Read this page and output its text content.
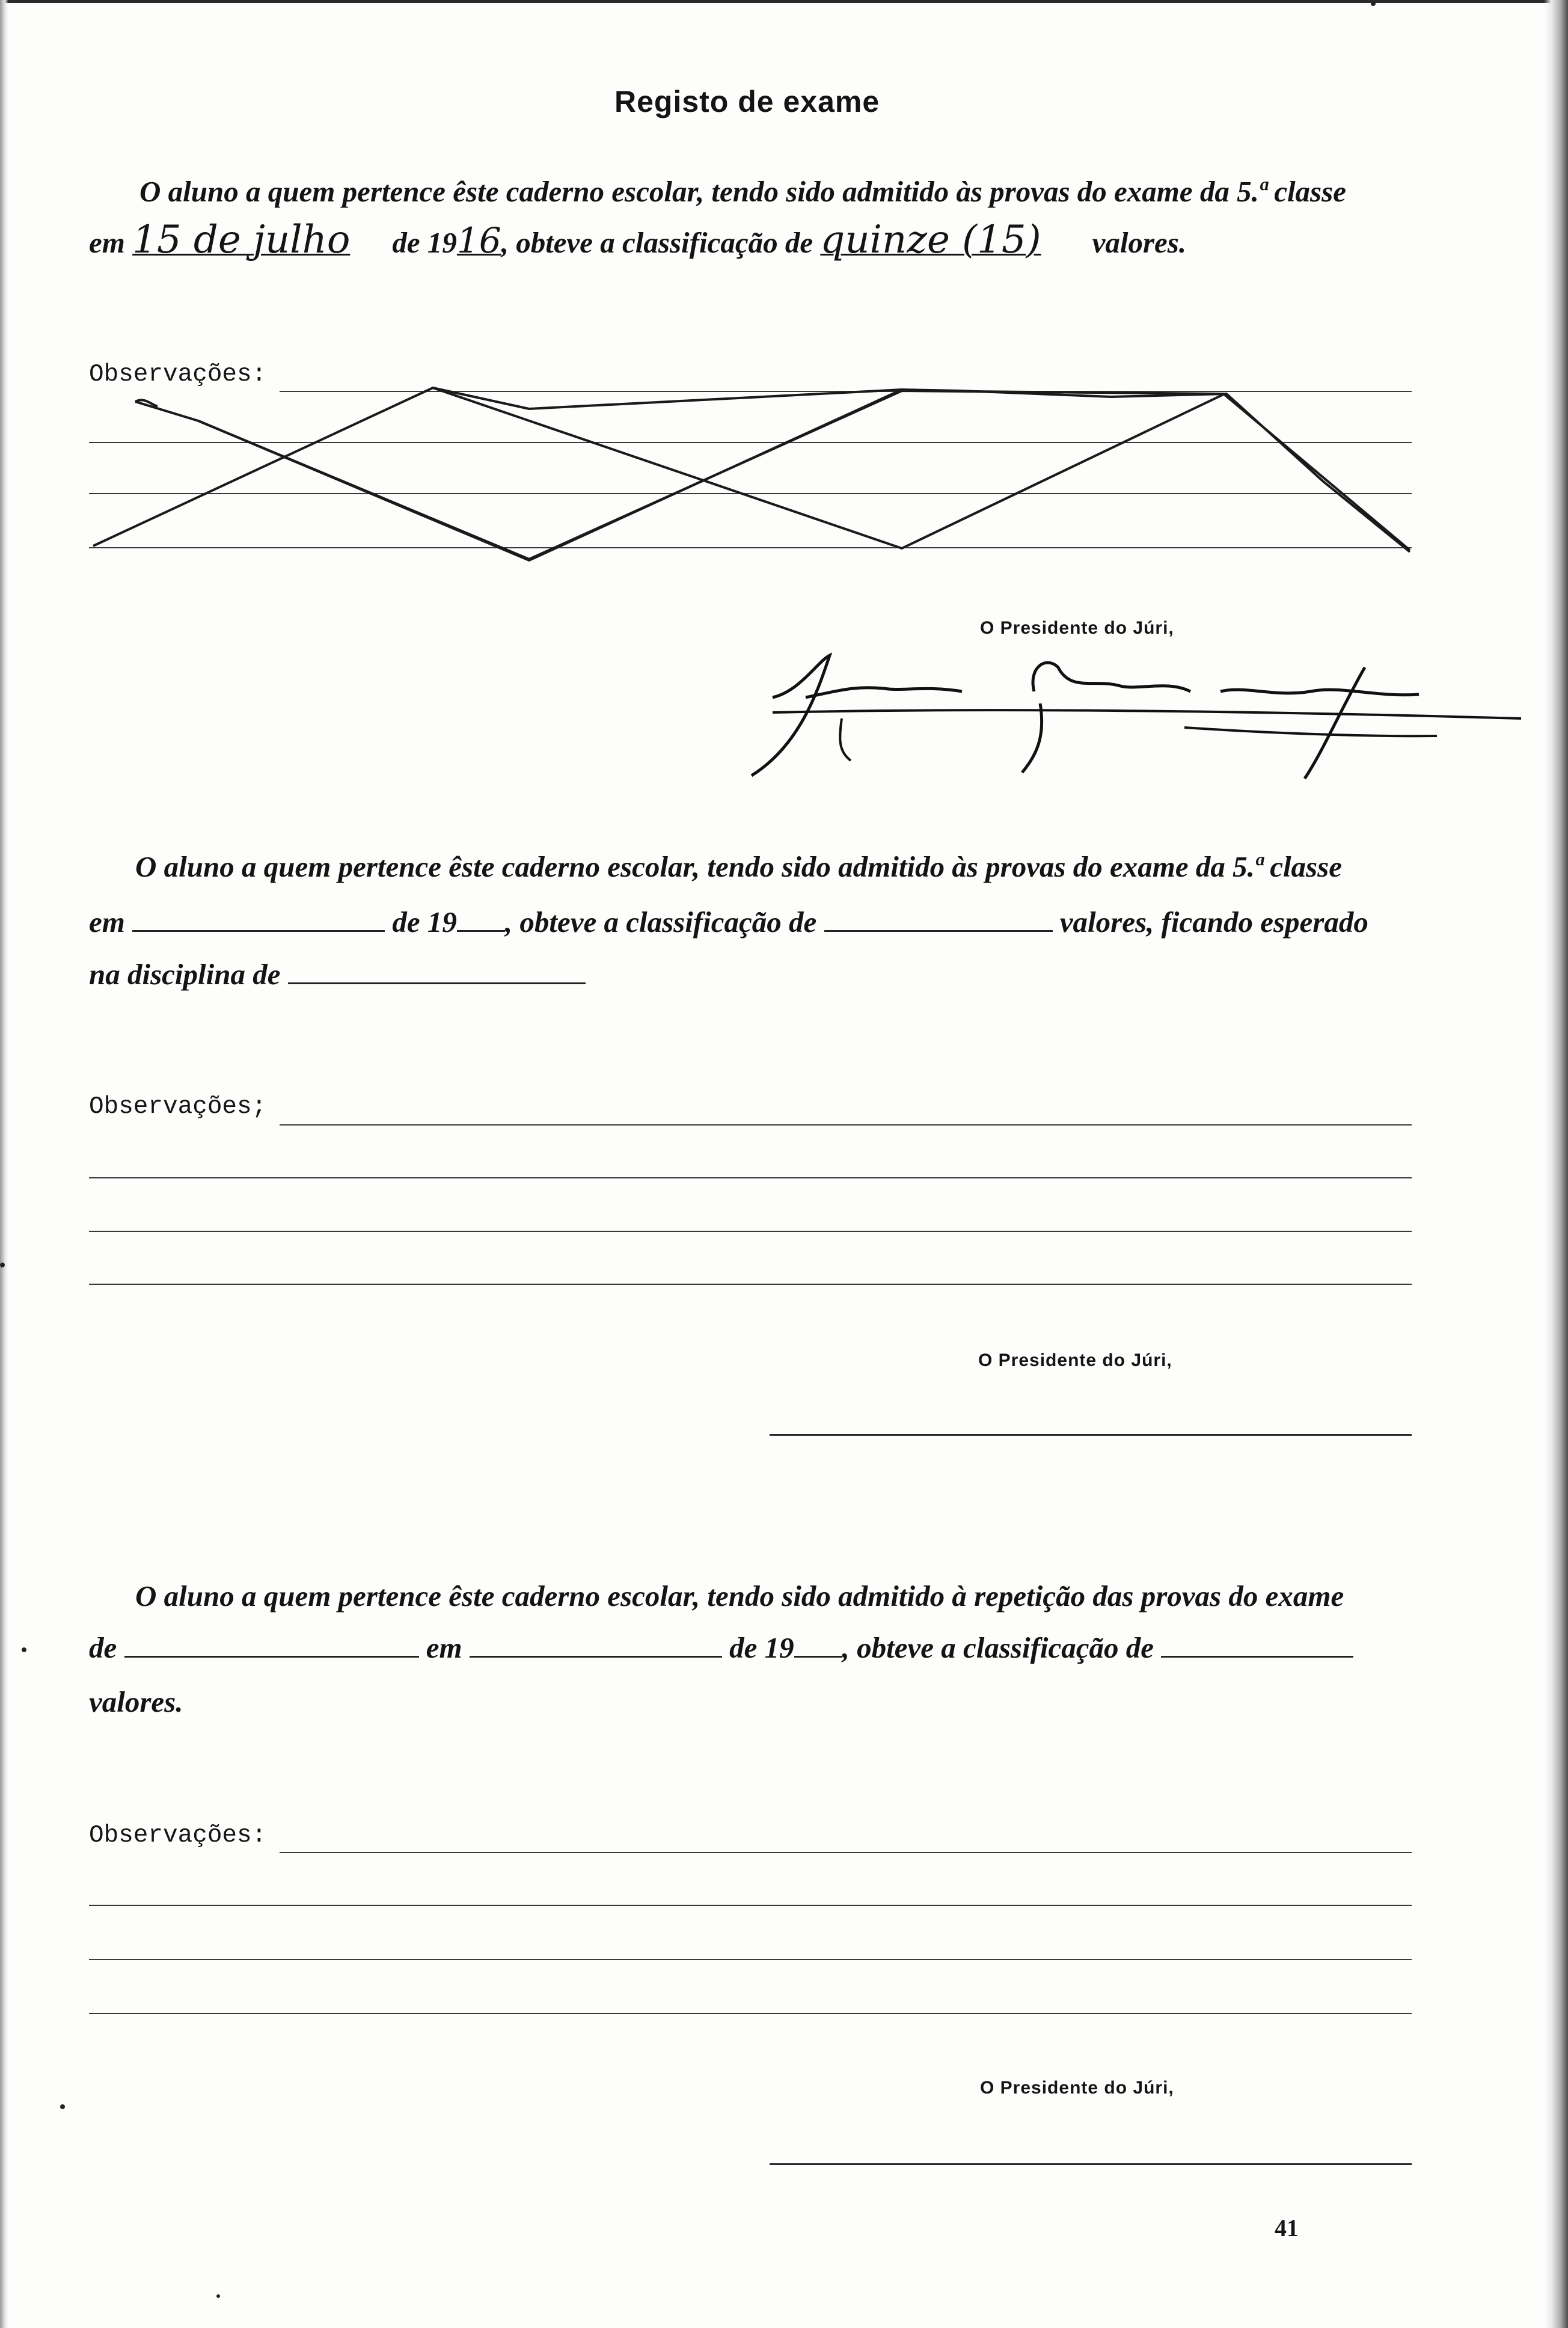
Registo de exame
O aluno a quem pertence êste caderno escolar, tendo sido admitido às provas do exame da 5.ª classe
em 15 de julho de 1916, obteve a classificação de quinze (15) valores.
Observações:
O Presidente do Júri,
O aluno a quem pertence êste caderno escolar, tendo sido admitido às provas do exame da 5.ª classe
em	de 19 , obteve a classificação de	valores, ficando esperado
na disciplina de
Observações;
O Presidente do Júri,
O aluno a quem pertence êste caderno escolar, tendo sido admitido à repetição das provas do exame
de	em	de 19 , obteve a classificação de
valores.
Observações:
O Presidente do Júri,
41
